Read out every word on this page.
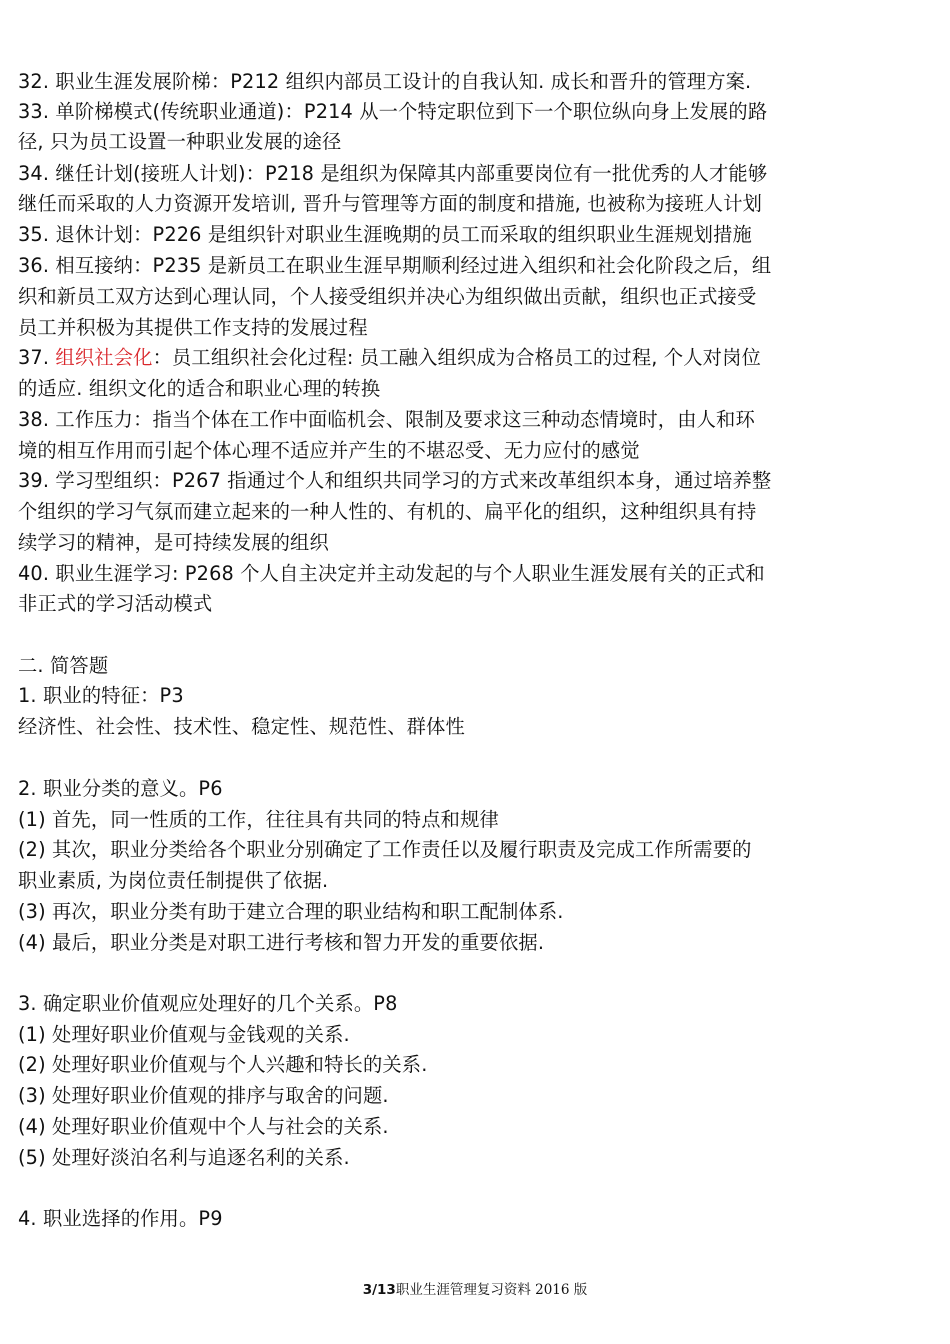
32. 职业生涯发展阶梯：P212 组织内部员工设计的自我认知. 成长和晋升的管理方案.
33. 单阶梯模式(传统职业通道)：P214 从一个特定职位到下一个职位纵向身上发展的路
径, 只为员工设置一种职业发展的途径
34. 继任计划(接班人计划)：P218 是组织为保障其内部重要岗位有一批优秀的人才能够
继任而采取的人力资源开发培训, 晋升与管理等方面的制度和措施, 也被称为接班人计划
35. 退休计划：P226 是组织针对职业生涯晚期的员工而采取的组织职业生涯规划措施
36. 相互接纳：P235 是新员工在职业生涯早期顺利经过进入组织和社会化阶段之后，组
织和新员工双方达到心理认同，个人接受组织并决心为组织做出贡献，组织也正式接受
员工并积极为其提供工作支持的发展过程
37. 组织社会化：员工组织社会化过程: 员工融入组织成为合格员工的过程, 个人对岗位
的适应. 组织文化的适合和职业心理的转换
38. 工作压力：指当个体在工作中面临机会、限制及要求这三种动态情境时，由人和环
境的相互作用而引起个体心理不适应并产生的不堪忍受、无力应付的感觉
39. 学习型组织：P267 指通过个人和组织共同学习的方式来改革组织本身，通过培养整
个组织的学习气氛而建立起来的一种人性的、有机的、扁平化的组织，这种组织具有持
续学习的精神，是可持续发展的组织
40. 职业生涯学习: P268 个人自主决定并主动发起的与个人职业生涯发展有关的正式和
非正式的学习活动模式
二. 简答题
1. 职业的特征：P3
经济性、社会性、技术性、稳定性、规范性、群体性
2. 职业分类的意义。P6
(1) 首先，同一性质的工作，往往具有共同的特点和规律
(2) 其次，职业分类给各个职业分别确定了工作责任以及履行职责及完成工作所需要的
职业素质, 为岗位责任制提供了依据.
(3) 再次，职业分类有助于建立合理的职业结构和职工配制体系.
(4) 最后，职业分类是对职工进行考核和智力开发的重要依据.
3. 确定职业价值观应处理好的几个关系。P8
(1) 处理好职业价值观与金钱观的关系.
(2) 处理好职业价值观与个人兴趣和特长的关系.
(3) 处理好职业价值观的排序与取舍的问题.
(4) 处理好职业价值观中个人与社会的关系.
(5) 处理好淡泊名利与追逐名利的关系.
4. 职业选择的作用。P9
3/13职业生涯管理复习资料 2016 版
